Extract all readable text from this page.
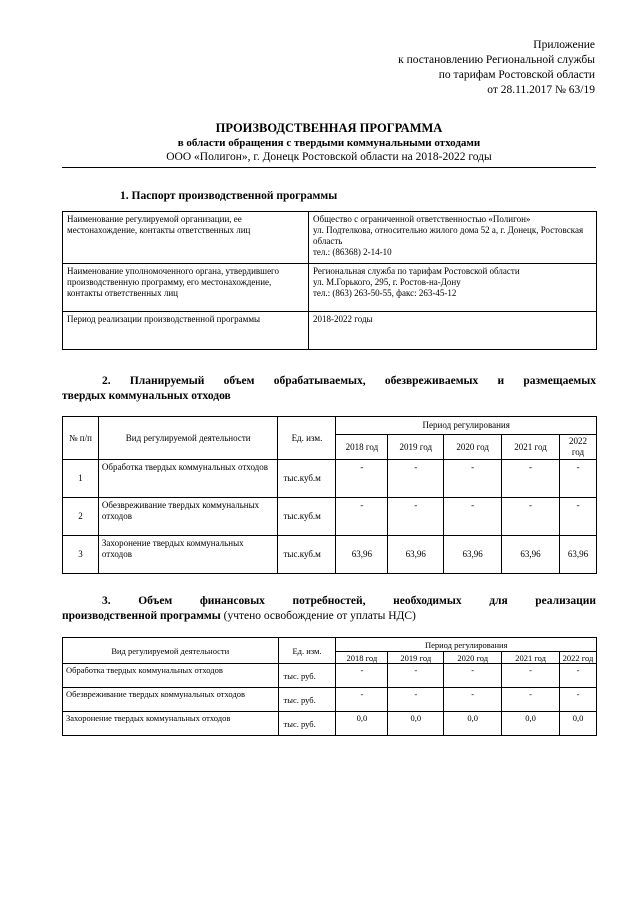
Приложение
к постановлению Региональной службы
по тарифам Ростовской области
от 28.11.2017 № 63/19
ПРОИЗВОДСТВЕННАЯ ПРОГРАММА
в области обращения с твердыми коммунальными отходами
ООО «Полигон», г. Донецк Ростовской области на 2018-2022 годы
1. Паспорт производственной программы
Наименование регулируемой организации, ее местонахождение, контакты ответственных лиц	Общество с ограниченной ответственностью «Полигон»
ул. Подтелкова, относительно жилого дома 52 а, г. Донецк, Ростовская область
тел.: (86368) 2-14-10

Наименование уполномоченного органа, утвердившего производственную программу, его местонахождение, контакты ответственных лиц	Региональная служба по тарифам Ростовской области
ул. М.Горького, 295, г. Ростов-на-Дону
тел.: (863) 263-50-55, факс: 263-45-12

Период реализации производственной программы	2018-2022 годы
2. Планируемый объем обрабатываемых, обезвреживаемых и размещаемых
твердых коммунальных отходов
№ п/п	Вид регулируемой деятельности	Ед. изм.	Период регулирования				
			2018 год	2019 год	2020 год	2021 год	2022 год
1	Обработка твердых коммунальных отходов	тыс.куб.м	-	-	-	-	-
2	Обезвреживание твердых коммунальных отходов	тыс.куб.м	-	-	-	-	-
3	Захоронение твердых коммунальных отходов	тыс.куб.м	63,96	63,96	63,96	63,96	63,96
3. Объем финансовых потребностей, необходимых для реализации
производственной программы (учтено освобождение от уплаты НДС)
Вид регулируемой деятельности	Ед. изм.	Период регулирования				
		2018 год	2019 год	2020 год	2021 год	2022 год
Обработка твердых коммунальных отходов	тыс. руб.	-	-	-	-	-
Обезвреживание твердых коммунальных отходов	тыс. руб.	-	-	-	-	-
Захоронение твердых коммунальных отходов	тыс. руб.	0,0	0,0	0,0	0,0	0,0
